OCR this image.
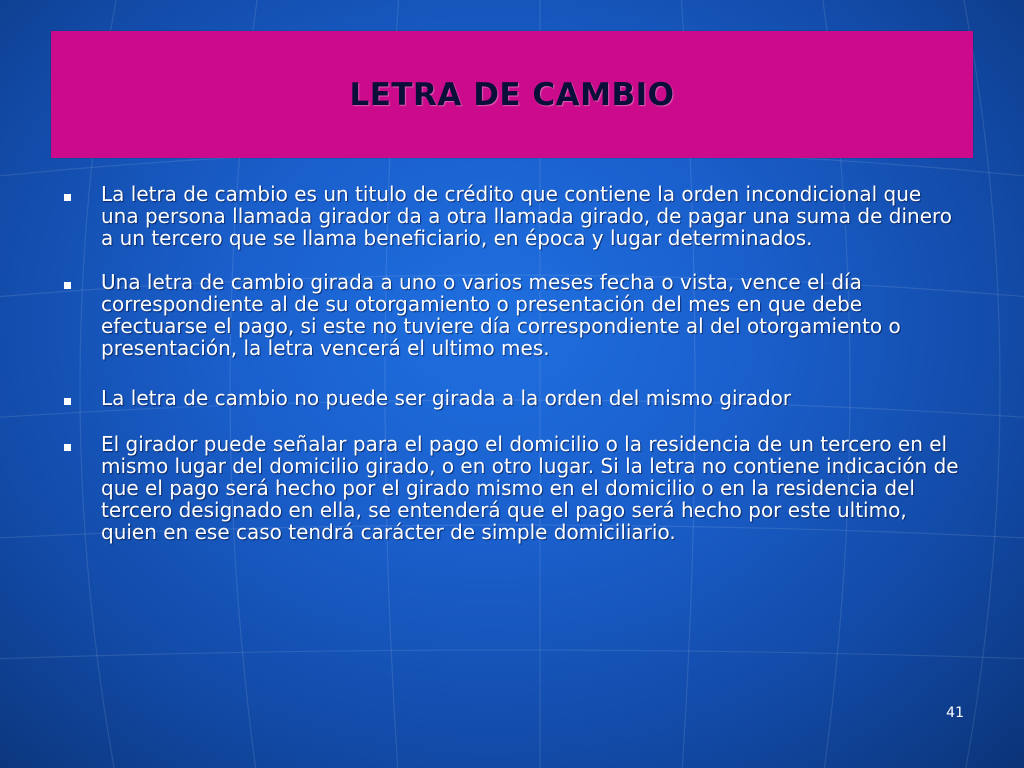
LETRA DE CAMBIO
La letra de cambio es un titulo de crédito que contiene la orden incondicional que una persona llamada girador da a otra llamada girado, de pagar una suma de dinero a un tercero que se llama beneficiario, en época y lugar determinados.
Una letra de cambio girada a uno o varios meses fecha o vista, vence el día correspondiente al de su otorgamiento o presentación del mes en que debe efectuarse el pago, si este no tuviere día correspondiente al del otorgamiento o presentación, la letra vencerá el ultimo mes.
La letra de cambio no puede ser girada a la orden del mismo girador
El girador puede señalar para el pago el domicilio o la residencia de un tercero en el mismo lugar del domicilio girado, o en otro lugar. Si la letra no contiene indicación de que el pago será hecho por el girado mismo en el domicilio o en la residencia del tercero designado en ella, se entenderá que el pago será hecho por este ultimo, quien en ese caso tendrá carácter de simple domiciliario.
41
